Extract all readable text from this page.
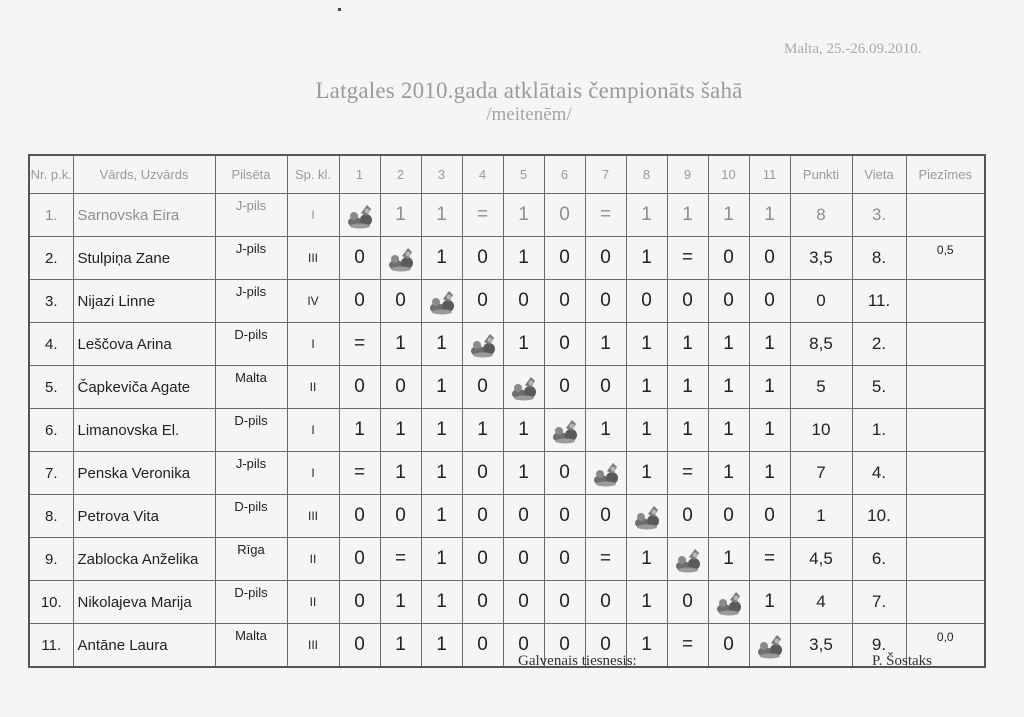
Malta, 25.-26.09.2010.
Latgales 2010.gada atklātais čempionāts šahā
/meitenēm/
Nr. p.k.	Vārds, Uzvārds	Pilsēta	Sp. kl.	1	2	3	4	5	6	7	8	9	10	11	Punkti	Vieta	Piezīmes
1.	Sarnovska Eira	J-pils	I		1	1	=	1	0	=	1	1	1	1	8	3.	
2.	Stulpiņa Zane	J-pils	III	0		1	0	1	0	0	1	=	0	0	3,5	8.	0,5
3.	Nijazi Linne	J-pils	IV	0	0		0	0	0	0	0	0	0	0	0	11.	
4.	Leščova Arina	D-pils	I	=	1	1		1	0	1	1	1	1	1	8,5	2.	
5.	Čapkeviča Agate	Malta	II	0	0	1	0		0	0	1	1	1	1	5	5.	
6.	Limanovska El.	D-pils	I	1	1	1	1	1		1	1	1	1	1	10	1.	
7.	Penska Veronika	J-pils	I	=	1	1	0	1	0		1	=	1	1	7	4.	
8.	Petrova Vita	D-pils	III	0	0	1	0	0	0	0		0	0	0	1	10.	
9.	Zablocka Anželika	Rīga	II	0	=	1	0	0	0	=	1		1	=	4,5	6.	
10.	Nikolajeva Marija	D-pils	II	0	1	1	0	0	0	0	1	0		1	4	7.	
11.	Antāne Laura	Malta	III	0	1	1	0	0	0	0	1	=	0		3,5	9.	0,0
Galvenais tiesnesis:	P. Šostaks
